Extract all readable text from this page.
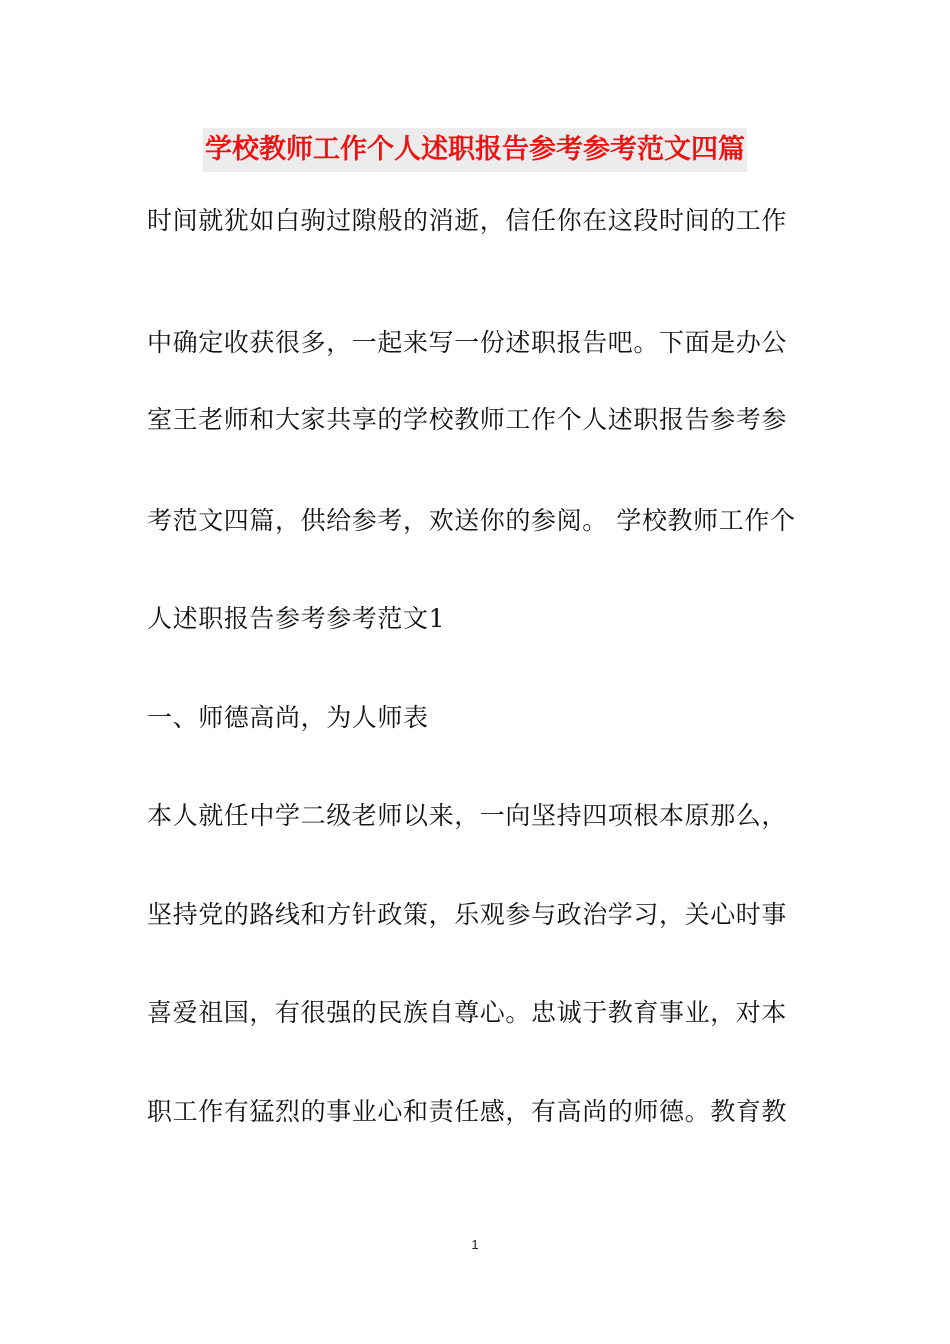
学校教师工作个人述职报告参考参考范文四篇
时间就犹如白驹过隙般的消逝，信任你在这段时间的工作
中确定收获很多，一起来写一份述职报告吧。下面是办公
室王老师和大家共享的学校教师工作个人述职报告参考参
考范文四篇，供给参考，欢送你的参阅。 学校教师工作个
人述职报告参考参考范文1
一、师德高尚，为人师表
本人就任中学二级老师以来，一向坚持四项根本原那么，
坚持党的路线和方针政策，乐观参与政治学习，关心时事
喜爱祖国，有很强的民族自尊心。忠诚于教育事业，对本
职工作有猛烈的事业心和责任感，有高尚的师德。教育教
1
